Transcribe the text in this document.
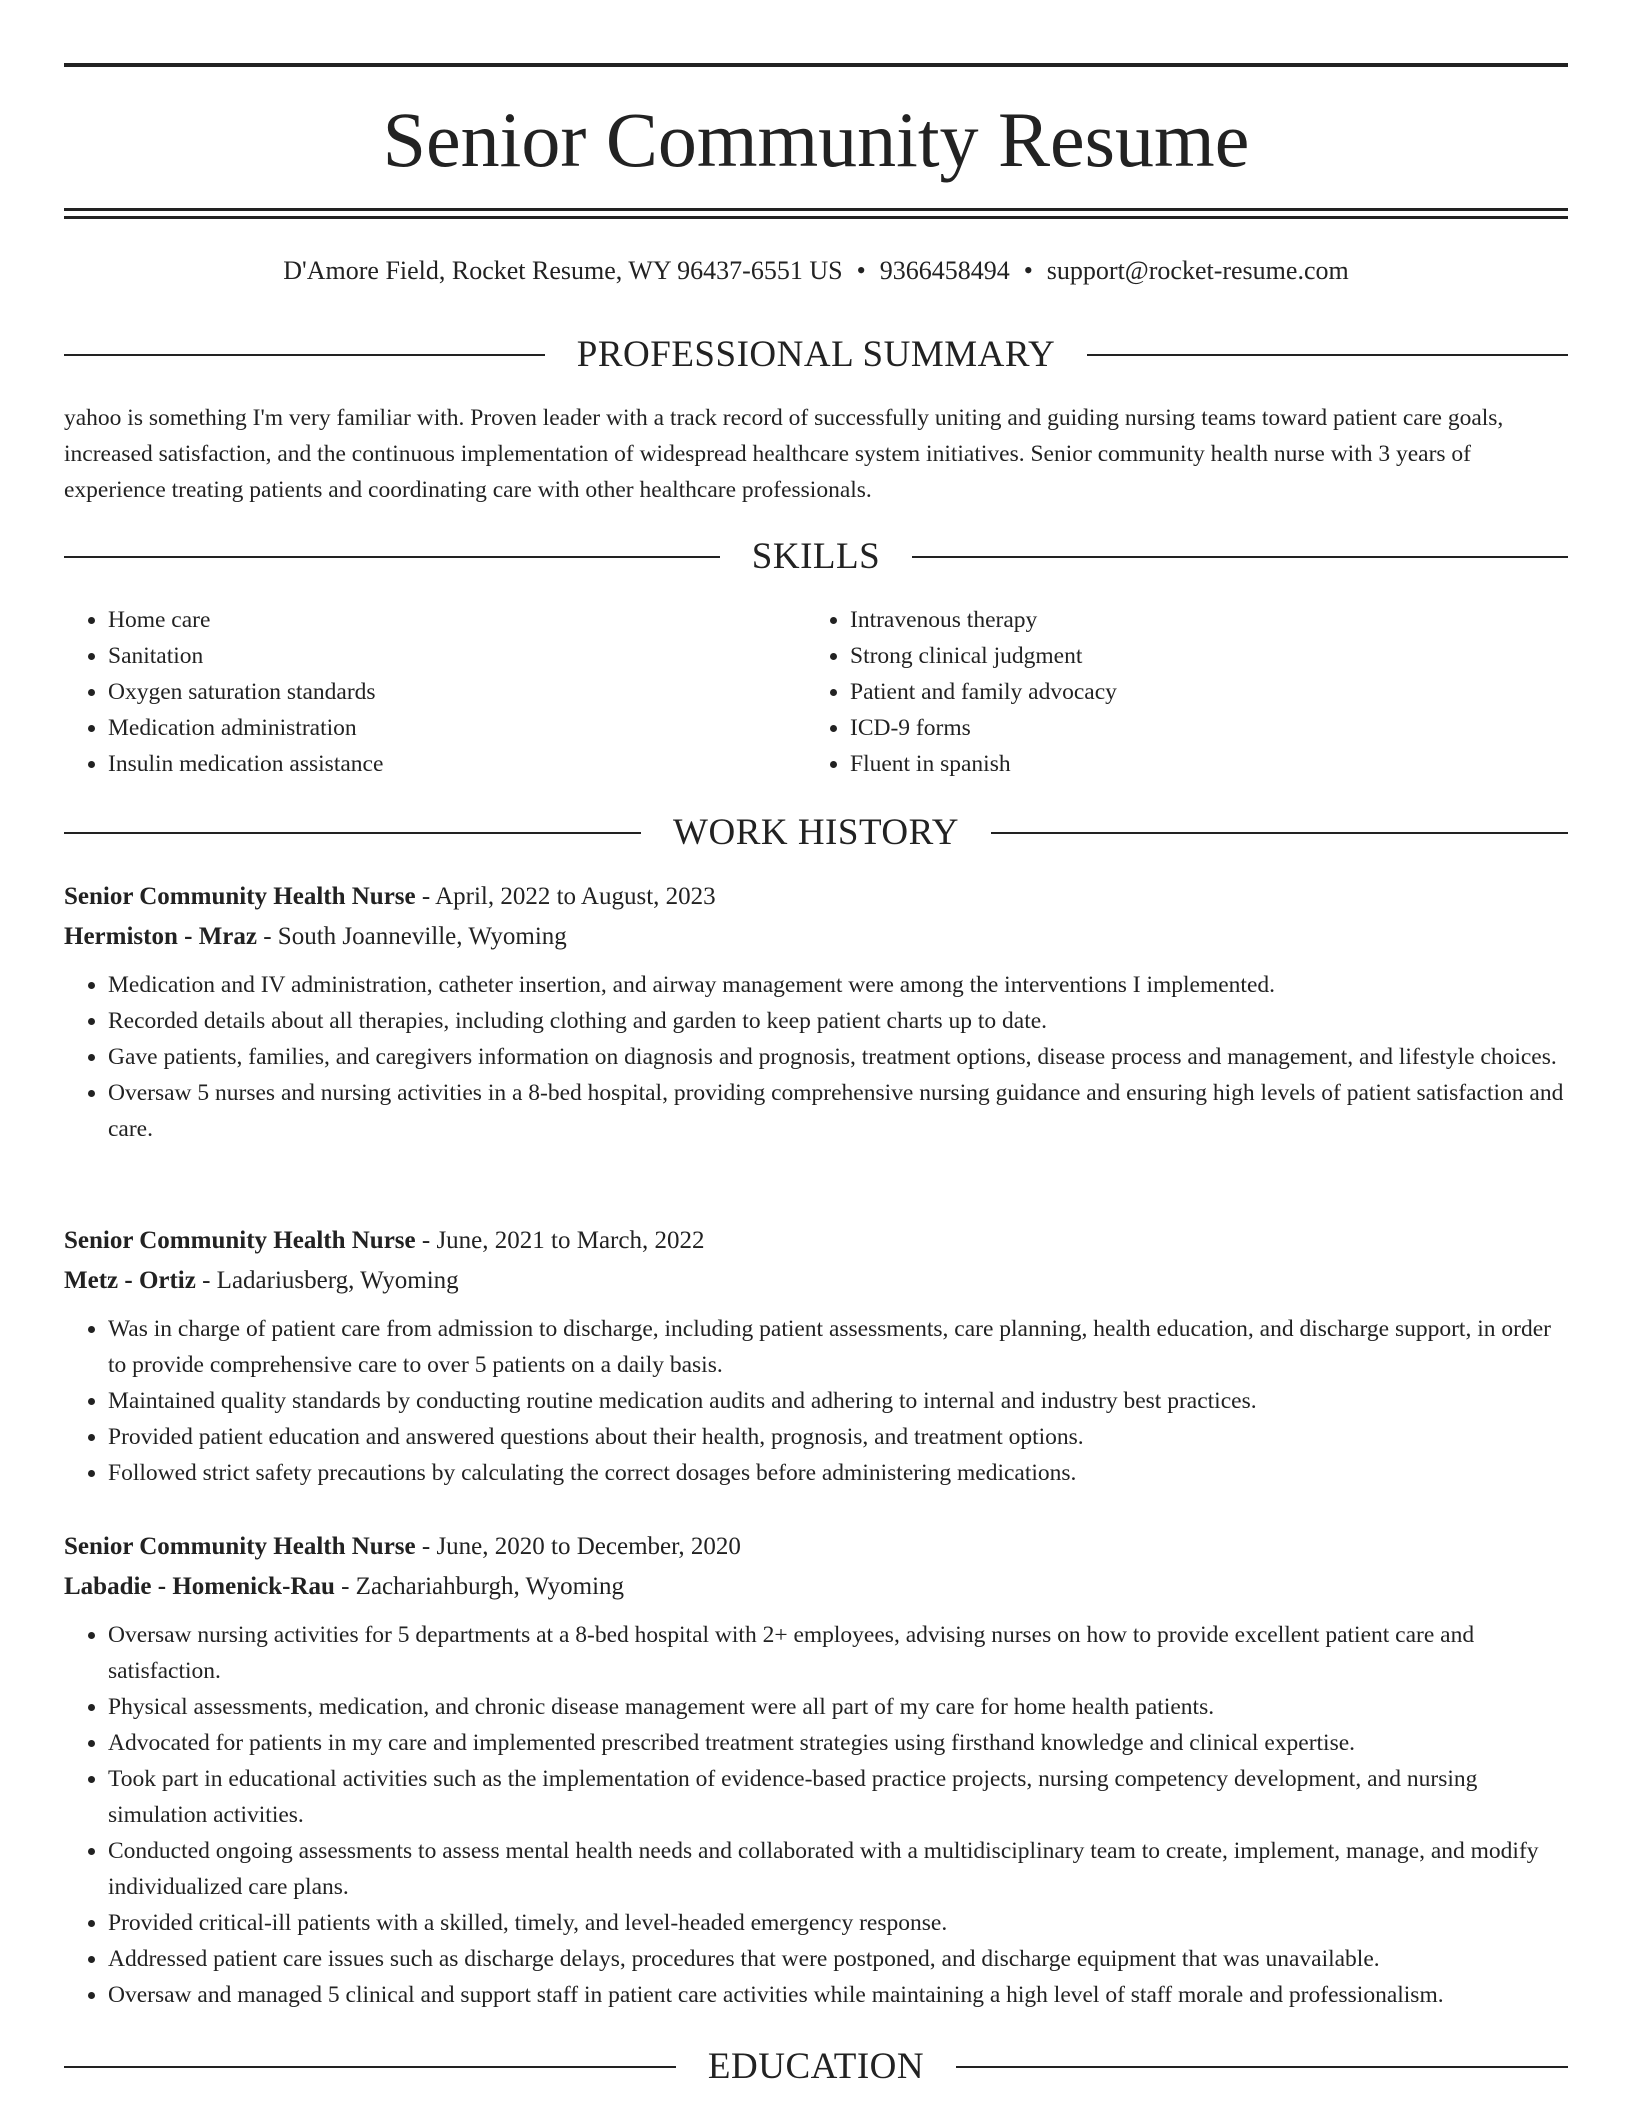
Senior Community Resume
D'Amore Field, Rocket Resume, WY 96437-6551 US • 9366458494 • support@rocket-resume.com
PROFESSIONAL SUMMARY

yahoo is something I'm very familiar with. Proven leader with a track record of successfully uniting and guiding nursing teams toward patient care goals, increased satisfaction, and the continuous implementation of widespread healthcare system initiatives. Senior community health nurse with 3 years of experience treating patients and coordinating care with other healthcare professionals.

SKILLS
• Home care
• Sanitation
• Oxygen saturation standards
• Medication administration
• Insulin medication assistance
• Intravenous therapy
• Strong clinical judgment
• Patient and family advocacy
• ICD-9 forms
• Fluent in spanish
WORK HISTORY
Senior Community Health Nurse - April, 2022 to August, 2023
Hermiston - Mraz - South Joanneville, Wyoming
• Medication and IV administration, catheter insertion, and airway management were among the interventions I implemented.
• Recorded details about all therapies, including clothing and garden to keep patient charts up to date.
• Gave patients, families, and caregivers information on diagnosis and prognosis, treatment options, disease process and management, and lifestyle choices.
• Oversaw 5 nurses and nursing activities in a 8-bed hospital, providing comprehensive nursing guidance and ensuring high levels of patient satisfaction and care.
Senior Community Health Nurse - June, 2021 to March, 2022
Metz - Ortiz - Ladariusberg, Wyoming
• Was in charge of patient care from admission to discharge, including patient assessments, care planning, health education, and discharge support, in order to provide comprehensive care to over 5 patients on a daily basis.
• Maintained quality standards by conducting routine medication audits and adhering to internal and industry best practices.
• Provided patient education and answered questions about their health, prognosis, and treatment options.
• Followed strict safety precautions by calculating the correct dosages before administering medications.
Senior Community Health Nurse - June, 2020 to December, 2020
Labadie - Homenick-Rau - Zachariahburgh, Wyoming
• Oversaw nursing activities for 5 departments at a 8-bed hospital with 2+ employees, advising nurses on how to provide excellent patient care and satisfaction.
• Physical assessments, medication, and chronic disease management were all part of my care for home health patients.
• Advocated for patients in my care and implemented prescribed treatment strategies using firsthand knowledge and clinical expertise.
• Took part in educational activities such as the implementation of evidence-based practice projects, nursing competency development, and nursing simulation activities.
• Conducted ongoing assessments to assess mental health needs and collaborated with a multidisciplinary team to create, implement, manage, and modify individualized care plans.
• Provided critical-ill patients with a skilled, timely, and level-headed emergency response.
• Addressed patient care issues such as discharge delays, procedures that were postponed, and discharge equipment that was unavailable.
• Oversaw and managed 5 clinical and support staff in patient care activities while maintaining a high level of staff morale and professionalism.
EDUCATION
